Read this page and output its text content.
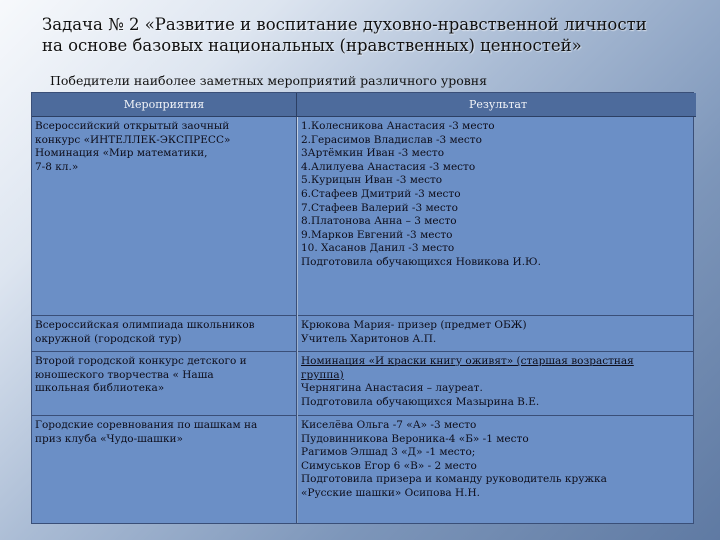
Задача № 2 «Развитие и воспитание духовно-нравственной личности
на основе базовых национальных (нравственных) ценностей»
Победители наиболее заметных мероприятий различного уровня
Мероприятия	Результат
Всероссийский открытый заочный
конкурс «ИНТЕЛЛЕК-ЭКСПРЕСС»
Номинация «Мир математики,
7-8 кл.»
1.Колесникова Анастасия -3 место
2.Герасимов Владислав -3 место
3Артёмкин Иван -3 место
4.Алилуева Анастасия -3 место
5.Курицын Иван -3 место
6.Стафеев Дмитрий -3 место
7.Стафеев Валерий -3 место
8.Платонова Анна – 3 место
9.Марков Евгений -3 место
10. Хасанов Данил -3 место
Подготовила обучающихся Новикова И.Ю.
Всероссийская олимпиада школьников
окружной (городской тур)
Крюкова Мария- призер (предмет ОБЖ)
Учитель Харитонов А.П.
Второй городской конкурс детского и
юношеского творчества « Наша
школьная библиотека»
Номинация «И краски книгу оживят» (старшая возрастная
группа)
Чернягина Анастасия – лауреат.
Подготовила обучающихся Мазырина В.Е.
Городские соревнования по шашкам на
приз клуба «Чудо-шашки»
Киселёва Ольга -7 «А» -3 место
Пудовинникова Вероника-4 «Б» -1 место
Рагимов Элшад 3 «Д» -1 место;
Симуськов Егор 6 «В» - 2 место
Подготовила призера и команду руководитель кружка
«Русские шашки» Осипова Н.Н.
